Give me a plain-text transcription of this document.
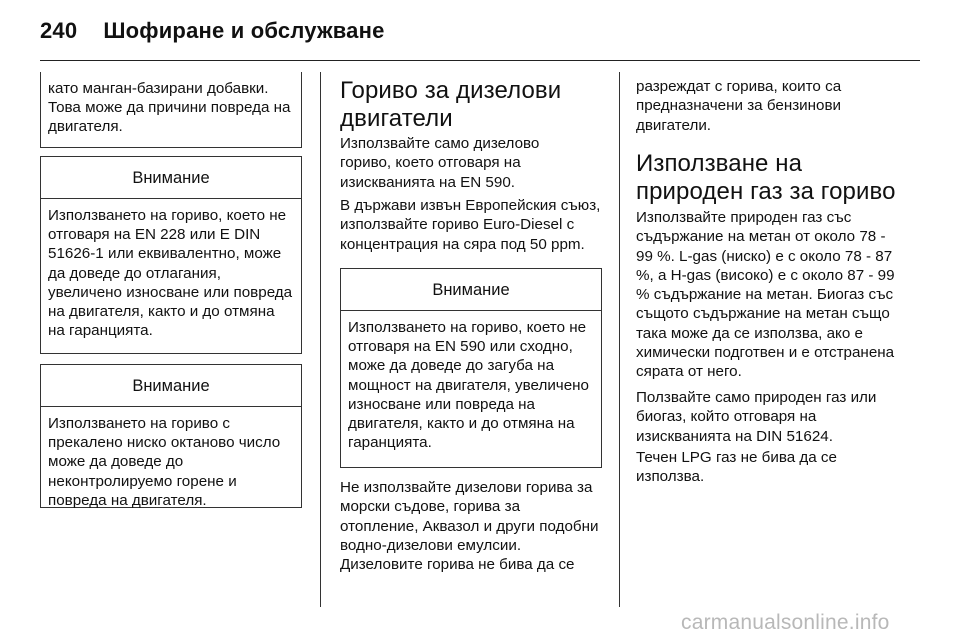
240 Шофиране и обслужване
като манган-базирани добавки. Това може да причини повреда на двигателя.
Внимание
Използването на гориво, което не отговаря на EN 228 или E DIN 51626-1 или еквивалентно, може да доведе до отлагания, увеличено износване или повреда на двигателя, както и до отмяна на гаранцията.
Внимание
Използването на гориво с прекалено ниско октаново число може да доведе до неконтролируемо горене и повреда на двигателя.
Гориво за дизелови двигатели

Използвайте само дизелово гориво, което отговаря на изискванията на EN 590.

В държави извън Европейския съюз, използвайте гориво Euro-Diesel с концентрация на сяра под 50 ppm.

Внимание
Използването на гориво, което не отговаря на EN 590 или сходно, може да доведе до загуба на мощност на двигателя, увеличено износване или повреда на двигателя, както и до отмяна на гаранцията.

Не използвайте дизелови горива за морски съдове, горива за отопление, Аквазол и други подобни водно-дизелови емулсии. Дизеловите горива не бива да се

разреждат с горива, които са предназначени за бензинови двигатели.

Използване на природен газ за гориво

Използвайте природен газ със съдържание на метан от около 78 - 99 %. L-gas (ниско) е с около 78 - 87 %, а H-gas (високо) е с около 87 - 99 % съдържание на метан. Биогаз със същото съдържание на метан също така може да се използва, ако е химически подготвен и е отстранена сярата от него.

Ползвайте само природен газ или биогаз, който отговаря на изискванията на DIN 51624.

Течен LPG газ не бива да се използва.

carmanualsonline.info
